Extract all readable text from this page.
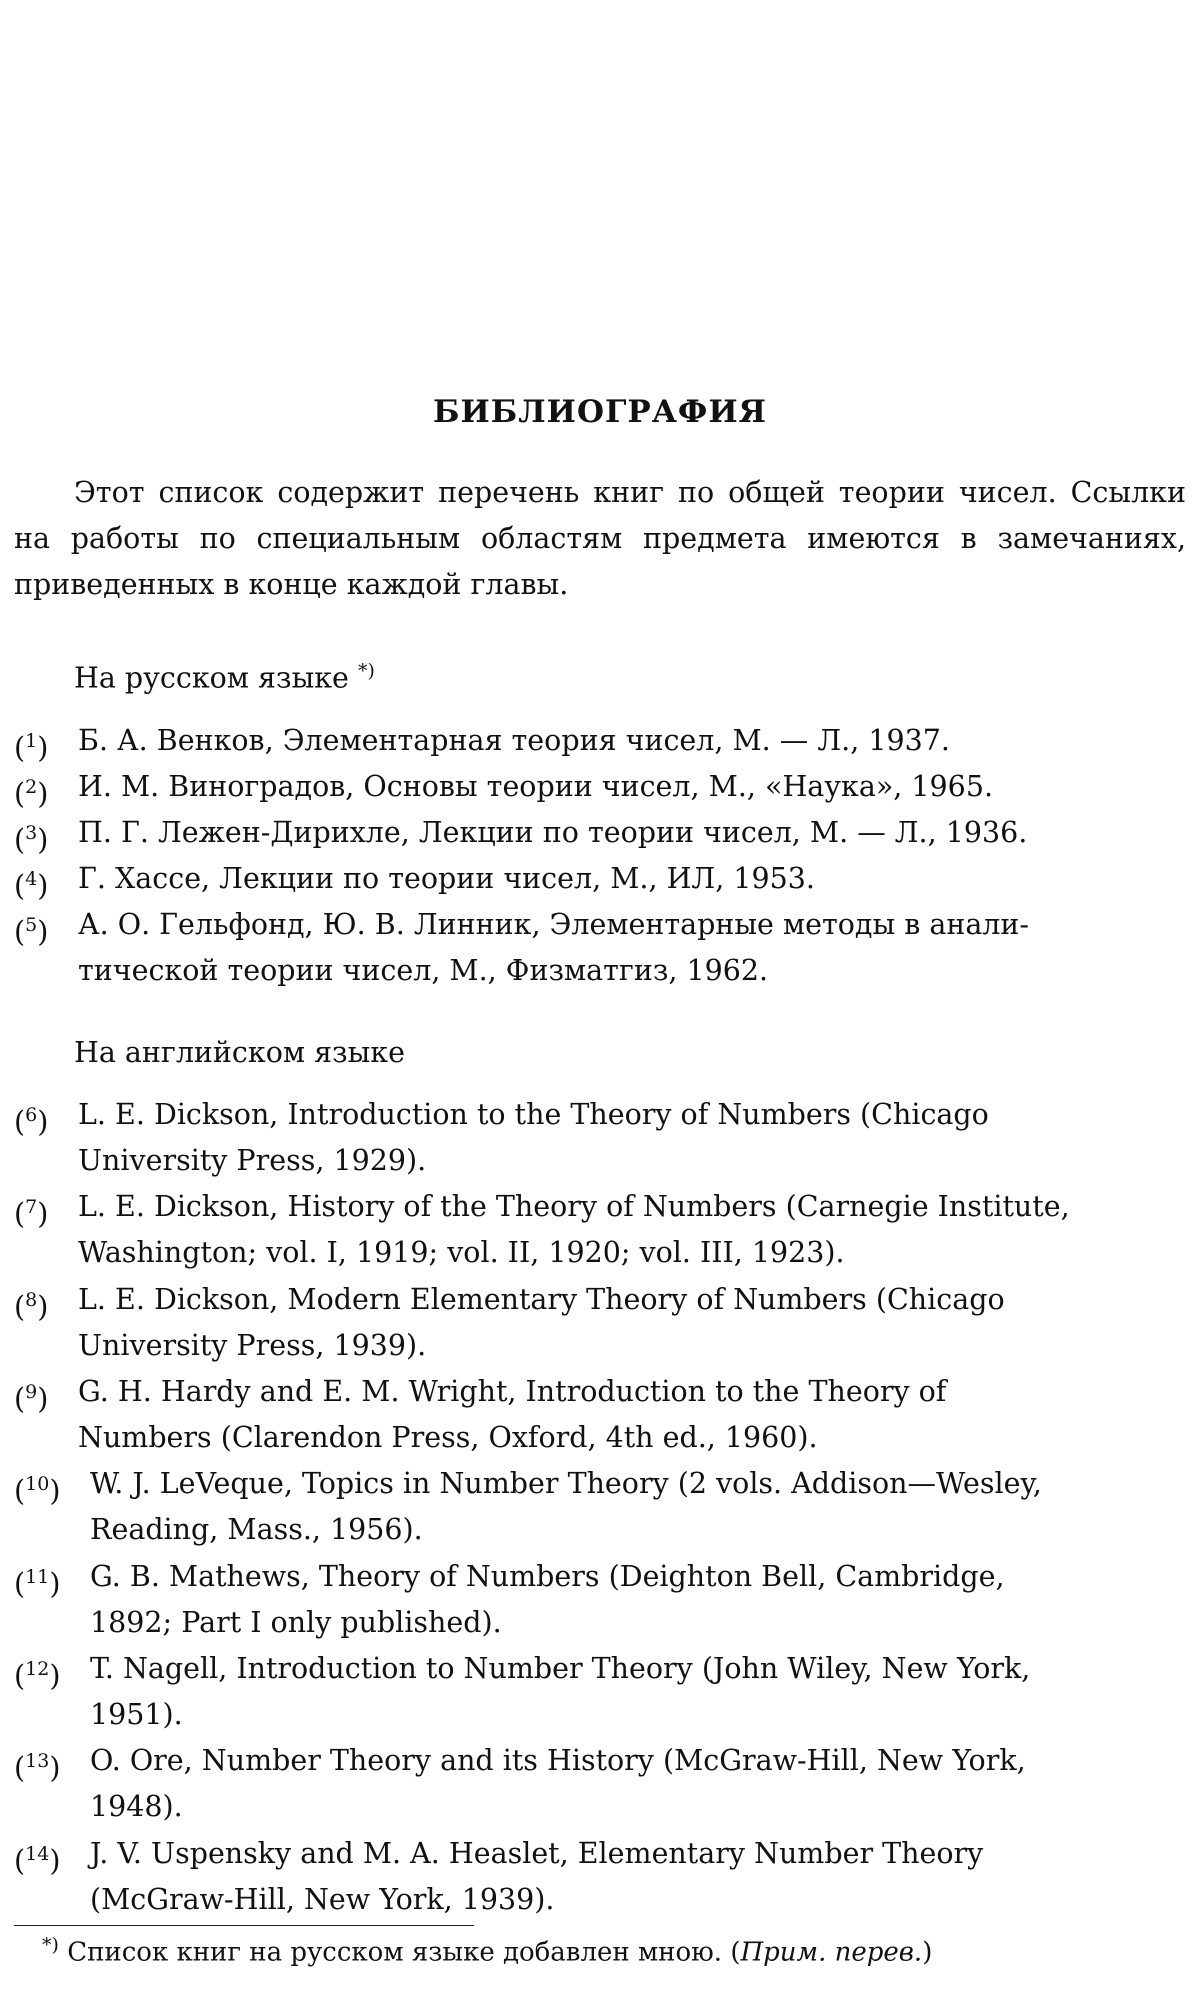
БИБЛИОГРАФИЯ
Этот список содержит перечень книг по общей теории чисел. Ссылки на работы по специальным областям предмета имеются в замечаниях, приведенных в конце каждой главы.
На русском языке *)
($^1$)	Б. А. Венков, Элементарная теория чисел, М. — Л., 1937.
($^2$)	И. М. Виноградов, Основы теории чисел, М., «Наука», 1965.
($^3$)	П. Г. Лежен-Дирихле, Лекции по теории чисел, М. — Л., 1936.
($^4$)	Г. Хассе, Лекции по теории чисел, М., ИЛ, 1953.
($^5$)	А. О. Гельфонд, Ю. В. Линник, Элементарные методы в анали-
тической теории чисел, М., Физматгиз, 1962.
На английском языке
($^6$)	L. E. Dickson, Introduction to the Theory of Numbers (Chicago
University Press, 1929).
($^7$)	L. E. Dickson, History of the Theory of Numbers (Carnegie Institute,
Washington; vol. I, 1919; vol. II, 1920; vol. III, 1923).
($^8$)	L. E. Dickson, Modern Elementary Theory of Numbers (Chicago
University Press, 1939).
($^9$)	G. H. Hardy and E. M. Wright, Introduction to the Theory of
Numbers (Clarendon Press, Oxford, 4th ed., 1960).
($^{10}$)	W. J. LeVeque, Topics in Number Theory (2 vols. Addison—Wesley,
Reading, Mass., 1956).
($^{11}$)	G. B. Mathews, Theory of Numbers (Deighton Bell, Cambridge,
1892; Part I only published).
($^{12}$)	T. Nagell, Introduction to Number Theory (John Wiley, New York,
1951).
($^{13}$)	O. Ore, Number Theory and its History (McGraw-Hill, New York,
1948).
($^{14}$)	J. V. Uspensky and M. A. Heaslet, Elementary Number Theory
(McGraw-Hill, New York, 1939).
*) Список книг на русском языке добавлен мною. (Прим. перев.)
